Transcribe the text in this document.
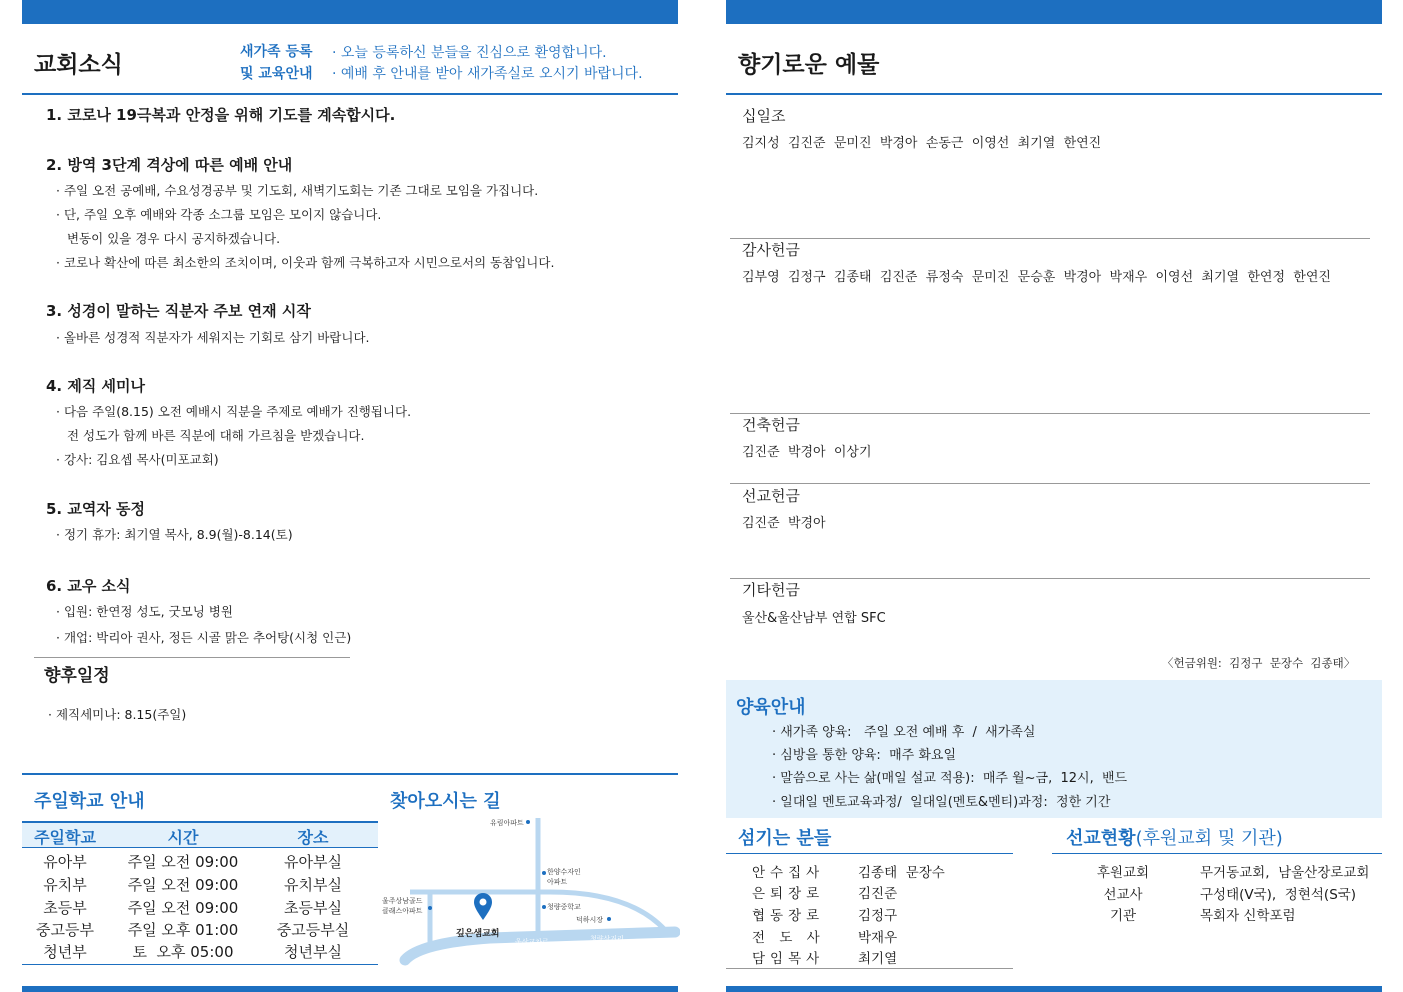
교회소식	새가족 등록
및 교육안내
· 오늘 등록하신 분들을 진심으로 환영합니다.
· 예배 후 안내를 받아 새가족실로 오시기 바랍니다.
1. 코로나 19극복과 안정을 위해 기도를 계속합시다.
2. 방역 3단계 격상에 따른 예배 안내
· 주일 오전 공예배, 수요성경공부 및 기도회, 새벽기도회는 기존 그대로 모임을 가집니다.
· 단, 주일 오후 예배와 각종 소그룹 모임은 모이지 않습니다.
변동이 있을 경우 다시 공지하겠습니다.
· 코로나 확산에 따른 최소한의 조치이며, 이웃과 함께 극복하고자 시민으로서의 동참입니다.
3. 성경이 말하는 직분자 주보 연재 시작
· 올바른 성경적 직분자가 세워지는 기회로 삼기 바랍니다.
4. 제직 세미나
· 다음 주일(8.15) 오전 예배시 직분을 주제로 예배가 진행됩니다.
전 성도가 함께 바른 직분에 대해 가르침을 받겠습니다.
· 강사: 김요셉 목사(미포교회)
5. 교역자 동정
· 정기 휴가: 최기열 목사, 8.9(월)-8.14(토)
6. 교우 소식
· 입원: 한연정 성도, 굿모닝 병원
· 개업: 박리아 권사, 정든 시골 맑은 추어탕(시청 인근)
향후일정
· 제직세미나: 8.15(주일)
주일학교 안내
주일학교	시간	장소
유아부	주일 오전 09:00	유아부실
유치부	주일 오전 09:00	유치부실
초등부	주일 오전 09:00	초등부실
중고등부	주일 오후 01:00	중고등부실
청년부	토  오후 05:00	청년부실
찾아오시는 길
유림아파트
한양수자인
아파트
청량중학교
덕하시장
울주상남골드
클래스아파트
깊은샘교회
울산교차로	청량삼거리
향기로운 예물
십일조
김지성  김진준  문미진  박경아  손동근  이영선  최기열  한연진
감사헌금
김부영  김정구  김종태  김진준  류정숙  문미진  문승훈  박경아  박재우  이영선  최기열  한연정  한연진
건축헌금
김진준  박경아  이상기
선교헌금
김진준  박경아
기타헌금
울산&울산남부 연합 SFC
〈헌금위원:  김정구  문장수  김종태〉
양육안내
· 새가족 양육:   주일 오전 예배 후  /  새가족실
· 심방을 통한 양육:  매주 화요일
· 말씀으로 사는 삶(매일 설교 적용):  매주 월~금,  12시,  밴드
· 일대일 멘토교육과정/  일대일(멘토&멘티)과정:  정한 기간
섬기는 분들
안수집사	김종태  문장수
은퇴장로	김진준
협동장로	김정구
전 도 사	박재우
담임목사	최기열
선교현황(후원교회 및 기관)
후원교회	무거동교회,  남울산장로교회
선교사	구성태(V국),  정현석(S국)
기관	목회자 신학포럼
